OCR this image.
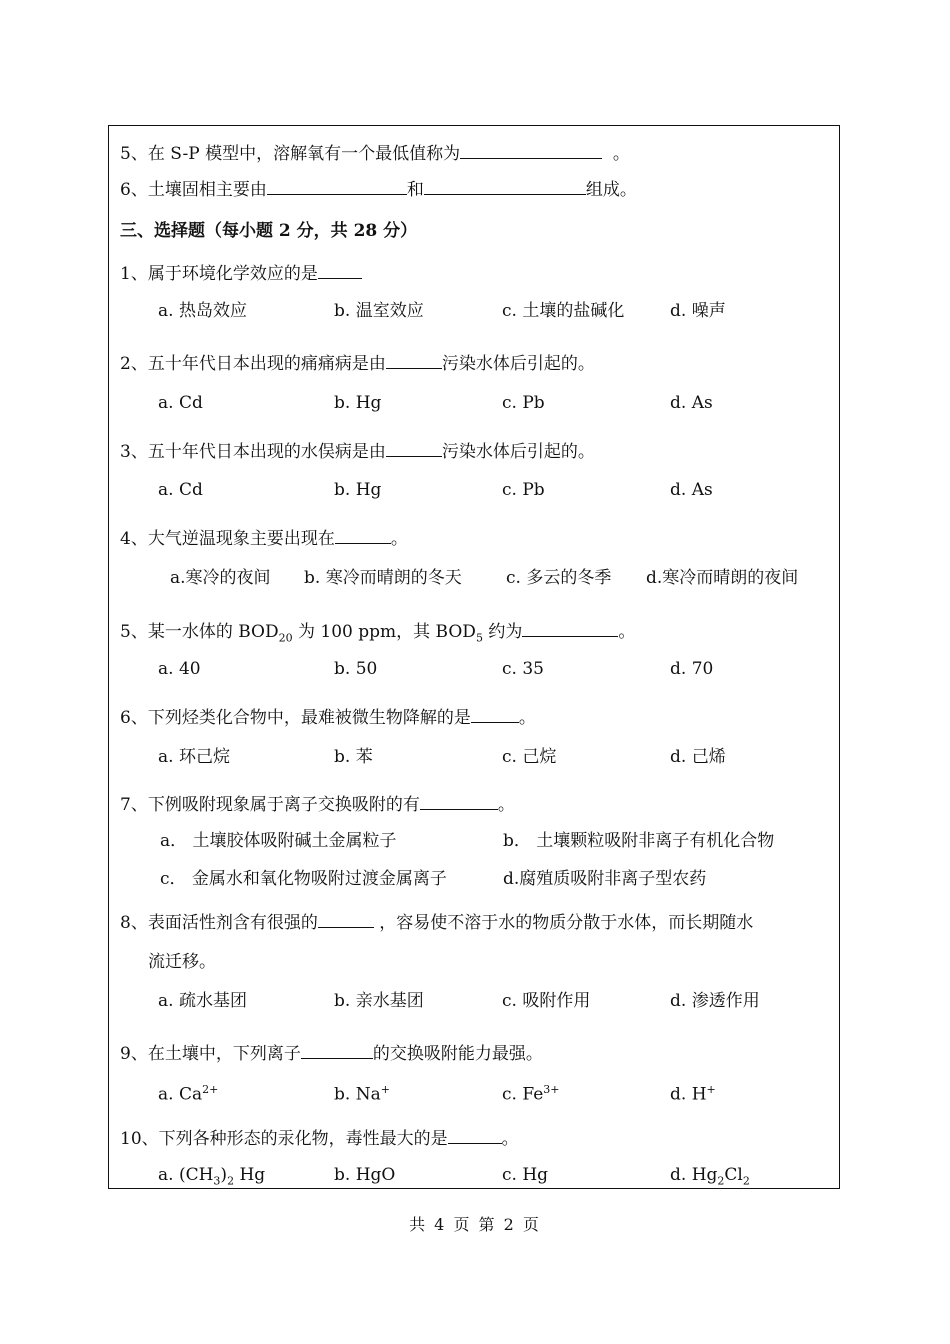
5、在 S-P 模型中，溶解氧有一个最低值称为	。
6、土壤固相主要由	和	组成。
三、选择题（每小题 2 分，共 28 分）
1、属于环境化学效应的是
a. 热岛效应	b. 温室效应	c. 土壤的盐碱化	d. 噪声
2、五十年代日本出现的痛痛病是由	污染水体后引起的。
a. Cd	b. Hg	c. Pb	d. As
3、五十年代日本出现的水俣病是由	污染水体后引起的。
a. Cd	b. Hg	c. Pb	d. As
4、大气逆温现象主要出现在	。
a.寒冷的夜间 b. 寒冷而晴朗的冬天	c. 多云的冬季 d.寒冷而晴朗的夜间
5、某一水体的 $BOD_{20}$ 为 100 ppm，其 $BOD_5$ 约为	。
a. 40	b. 50	c. 35	d. 70
6、下列烃类化合物中，最难被微生物降解的是	。
a. 环己烷	b. 苯	c. 己烷	d. 己烯
7、下例吸附现象属于离子交换吸附的有	。
a． 土壤胶体吸附碱土金属粒子	b． 土壤颗粒吸附非离子有机化合物
c． 金属水和氧化物吸附过渡金属离子	d.腐殖质吸附非离子型农药
8、表面活性剂含有很强的	，容易使不溶于水的物质分散于水体，而长期随水
流迁移。
a. 疏水基团	b. 亲水基团	c. 吸附作用	d. 渗透作用
9、在土壤中，下列离子	的交换吸附能力最强。
a. $Ca^{2+}$	b. Na+	c. $Fe^{3+}$	d. H+
10、下列各种形态的汞化物，毒性最大的是	。
a. $(CH_3)_2$ Hg	b. HgO	c. Hg	d. $Hg_2Cl_2$
共 4 页 第 2 页
